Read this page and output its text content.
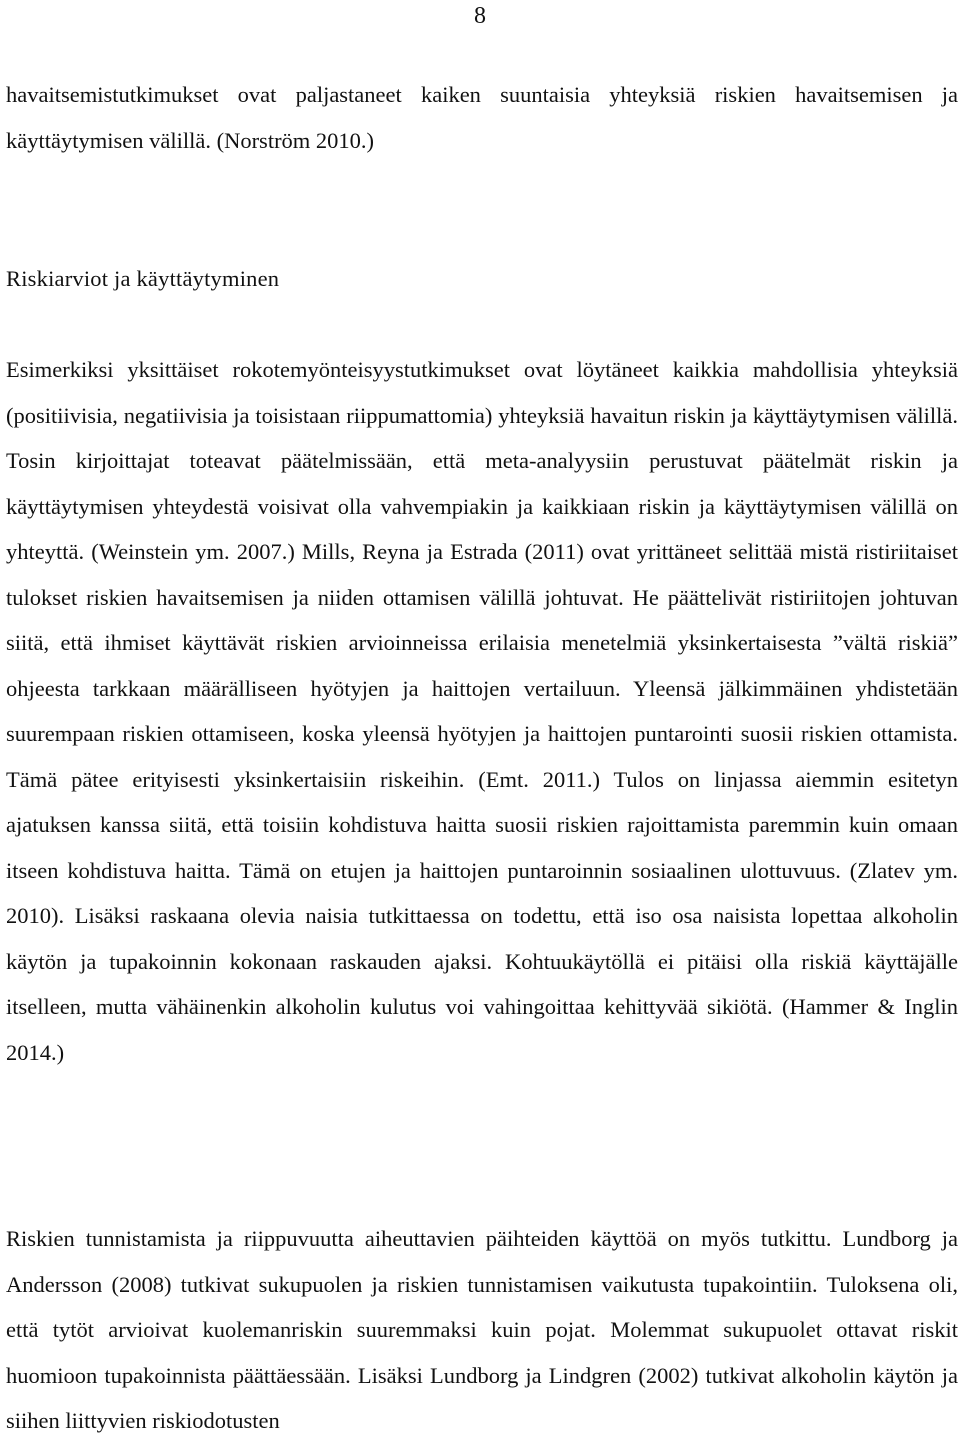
8

havaitsemistutkimukset ovat paljastaneet kaiken suuntaisia yhteyksiä riskien havaitsemisen ja käyttäytymisen välillä. (Norström 2010.)

Riskiarviot ja käyttäytyminen

Esimerkiksi yksittäiset rokotemyönteisyystutkimukset ovat löytäneet kaikkia mahdollisia yhteyksiä (positiivisia, negatiivisia ja toisistaan riippumattomia) yhteyksiä havaitun riskin ja käyttäytymisen välillä. Tosin kirjoittajat toteavat päätelmissään, että meta-analyysiin perustuvat päätelmät riskin ja käyttäytymisen yhteydestä voisivat olla vahvempiakin ja kaikkiaan riskin ja käyttäytymisen välillä on yhteyttä. (Weinstein ym. 2007.) Mills, Reyna ja Estrada (2011) ovat yrittäneet selittää mistä ristiriitaiset tulokset riskien havaitsemisen ja niiden ottamisen välillä johtuvat. He päättelivät ristiriitojen johtuvan siitä, että ihmiset käyttävät riskien arvioinneissa erilaisia menetelmiä yksinkertaisesta ”vältä riskiä” ohjeesta tarkkaan määrälliseen hyötyjen ja haittojen vertailuun. Yleensä jälkimmäinen yhdistetään suurempaan riskien ottamiseen, koska yleensä hyötyjen ja haittojen puntarointi suosii riskien ottamista. Tämä pätee erityisesti yksinkertaisiin riskeihin. (Emt. 2011.) Tulos on linjassa aiemmin esitetyn ajatuksen kanssa siitä, että toisiin kohdistuva haitta suosii riskien rajoittamista paremmin kuin omaan itseen kohdistuva haitta. Tämä on etujen ja haittojen puntaroinnin sosiaalinen ulottuvuus. (Zlatev ym. 2010). Lisäksi raskaana olevia naisia tutkittaessa on todettu, että iso osa naisista lopettaa alkoholin käytön ja tupakoinnin kokonaan raskauden ajaksi. Kohtuukäytöllä ei pitäisi olla riskiä käyttäjälle itselleen, mutta vähäinenkin alkoholin kulutus voi vahingoittaa kehittyvää sikiötä. (Hammer & Inglin 2014.)

Riskien tunnistamista ja riippuvuutta aiheuttavien päihteiden käyttöä on myös tutkittu. Lundborg ja Andersson (2008) tutkivat sukupuolen ja riskien tunnistamisen vaikutusta tupakointiin. Tuloksena oli, että tytöt arvioivat kuolemanriskin suuremmaksi kuin pojat. Molemmat sukupuolet ottavat riskit huomioon tupakoinnista päättäessään. Lisäksi Lundborg ja Lindgren (2002) tutkivat alkoholin käytön ja siihen liittyvien riskiodotusten
